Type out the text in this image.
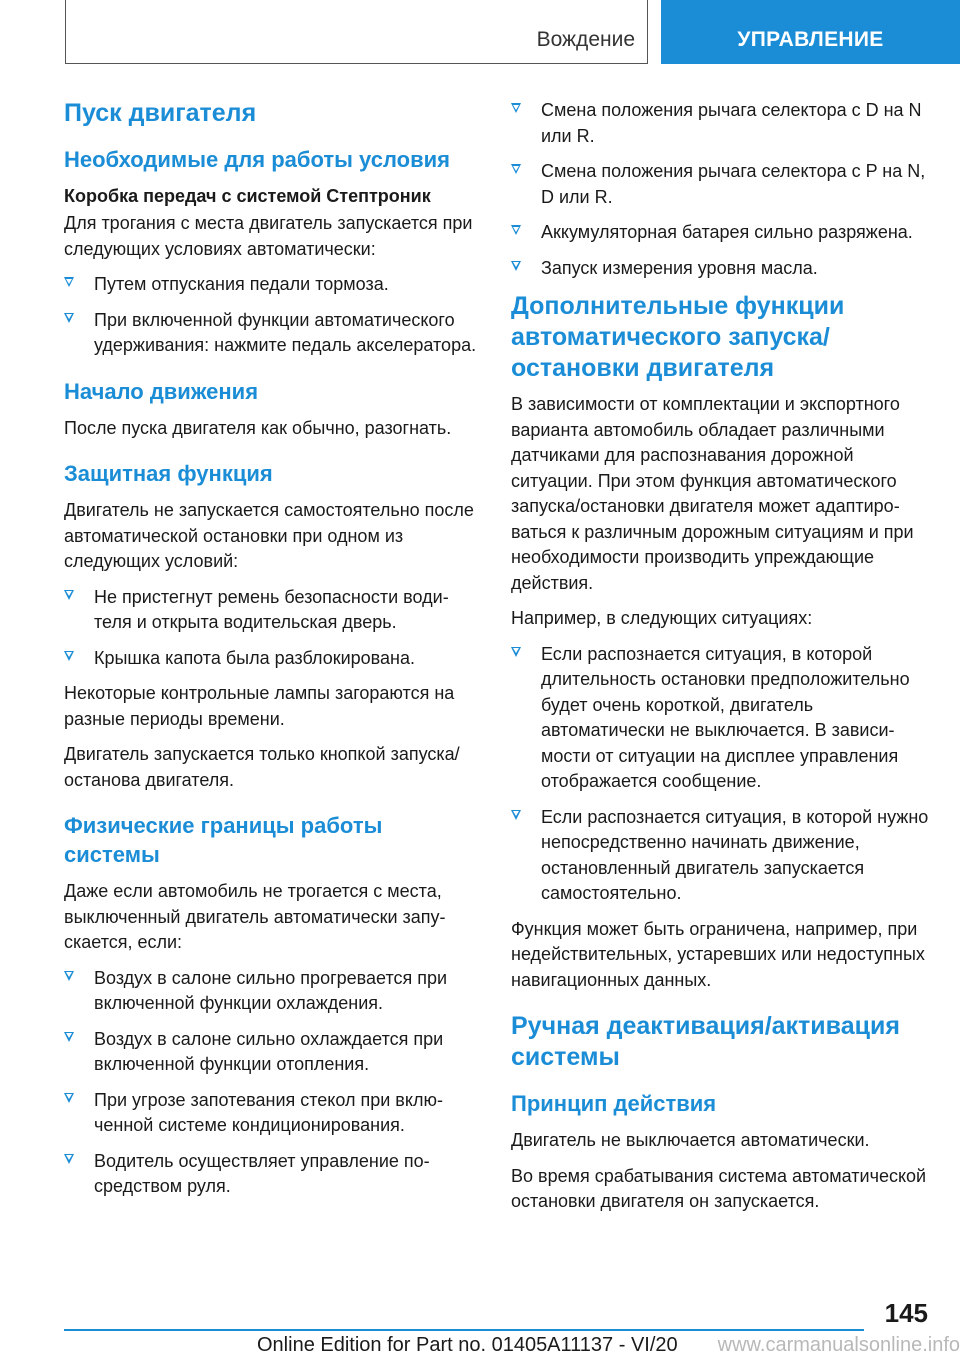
Вождение	УПРАВЛЕНИЕ
Пуск двигателя
Необходимые для работы условия
Коробка передач с системой Стептроник
Для трогания с места двигатель запускается при следующих условиях автоматически:
Путем отпускания педали тормоза.
При включенной функции автоматического удерживания: нажмите педаль акселератора.
Начало движения
После пуска двигателя как обычно, разогнать.
Защитная функция
Двигатель не запускается самостоятельно после автоматической остановки при одном из следующих условий:
Не пристегнут ремень безопасности водителя и открыта водительская дверь.
Крышка капота была разблокирована.
Некоторые контрольные лампы загораются на разные периоды времени.
Двигатель запускается только кнопкой запуска/останова двигателя.
Физические границы работы системы
Даже если автомобиль не трогается с места, выключенный двигатель автоматически запускается, если:
Воздух в салоне сильно прогревается при включенной функции охлаждения.
Воздух в салоне сильно охлаждается при включенной функции отопления.
При угрозе запотевания стекол при включенной системе кондиционирования.
Водитель осуществляет управление посредством руля.
Смена положения рычага селектора с D на N или R.
Смена положения рычага селектора с P на N, D или R.
Аккумуляторная батарея сильно разряжена.
Запуск измерения уровня масла.
Дополнительные функции автоматического запуска/ остановки двигателя
В зависимости от комплектации и экспортного варианта автомобиль обладает различными датчиками для распознавания дорожной ситуации. При этом функция автоматического запуска/остановки двигателя может адаптироваться к различным дорожным ситуациям и при необходимости производить упреждающие действия.
Например, в следующих ситуациях:
Если распознается ситуация, в которой длительность остановки предположительно будет очень короткой, двигатель автоматически не выключается. В зависимости от ситуации на дисплее управления отображается сообщение.
Если распознается ситуация, в которой нужно непосредственно начинать движение, остановленный двигатель запускается самостоятельно.
Функция может быть ограничена, например, при недействительных, устаревших или недоступных навигационных данных.
Ручная деактивация/активация системы
Принцип действия
Двигатель не выключается автоматически.
Во время срабатывания система автоматической остановки двигателя он запускается.
145
Online Edition for Part no. 01405A11137 - VI/20 www.carmanualsonline.info
